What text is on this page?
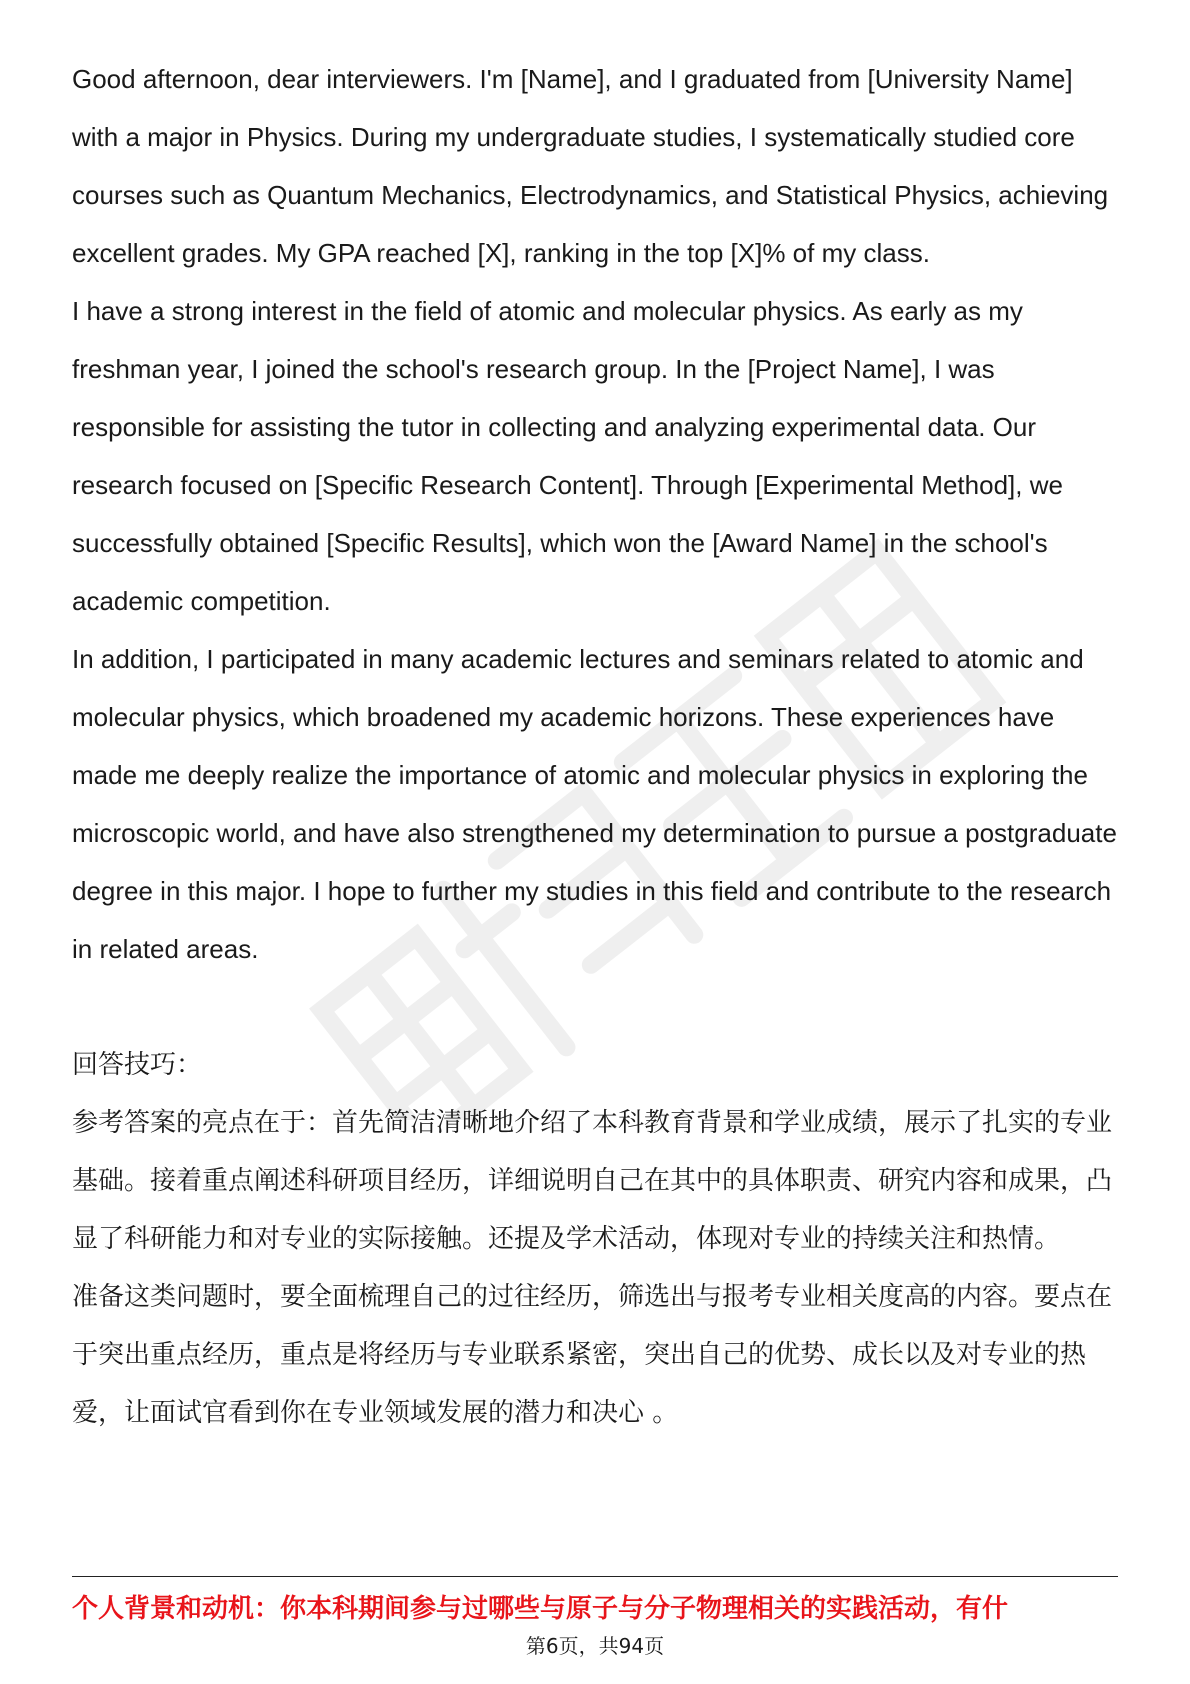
Good afternoon, dear interviewers. I'm [Name], and I graduated from [University Name] with a major in Physics. During my undergraduate studies, I systematically studied core courses such as Quantum Mechanics, Electrodynamics, and Statistical Physics, achieving excellent grades. My GPA reached [X], ranking in the top [X]% of my class.

I have a strong interest in the field of atomic and molecular physics. As early as my freshman year, I joined the school's research group. In the [Project Name], I was responsible for assisting the tutor in collecting and analyzing experimental data. Our research focused on [Specific Research Content]. Through [Experimental Method], we successfully obtained [Specific Results], which won the [Award Name] in the school's academic competition.

In addition, I participated in many academic lectures and seminars related to atomic and molecular physics, which broadened my academic horizons. These experiences have made me deeply realize the importance of atomic and molecular physics in exploring the microscopic world, and have also strengthened my determination to pursue a postgraduate degree in this major. I hope to further my studies in this field and contribute to the research in related areas.

回答技巧：

参考答案的亮点在于：首先简洁清晰地介绍了本科教育背景和学业成绩，展示了扎实的专业基础。接着重点阐述科研项目经历，详细说明自己在其中的具体职责、研究内容和成果，凸显了科研能力和对专业的实际接触。还提及学术活动，体现对专业的持续关注和热情。

准备这类问题时，要全面梳理自己的过往经历，筛选出与报考专业相关度高的内容。要点在于突出重点经历，重点是将经历与专业联系紧密，突出自己的优势、成长以及对专业的热爱，让面试官看到你在专业领域发展的潜力和决心 。

个人背景和动机：你本科期间参与过哪些与原子与分子物理相关的实践活动，有什
第6页，共94页
